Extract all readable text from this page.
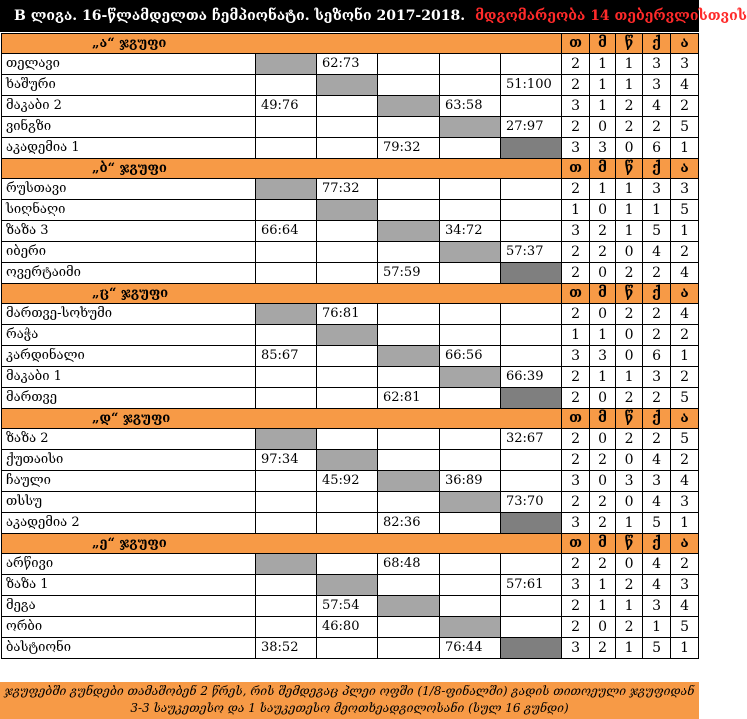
B ლიგა. 16-წლამდელთა ჩემპიონატი. სეზონი 2017-2018. მდგომარეობა 14 თებერვლისთვის
„ა“ ჯგუფი						თ	მ	წ	ქ	ა
თელავი		62:73				2	1	1	3	3
ხაშური					51:100	2	1	1	3	4
მაკაბი 2	49:76			63:58		3	1	2	4	2
ვინგზი					27:97	2	0	2	2	5
აკადემია 1			79:32			3	3	0	6	1
„ბ“ ჯგუფი						თ	მ	წ	ქ	ა
რუსთავი		77:32				2	1	1	3	3
სიღნაღი						1	0	1	1	5
ზაზა 3	66:64			34:72		3	2	1	5	1
იბერი					57:37	2	2	0	4	2
ოვერტაიმი			57:59			2	0	2	2	4
„ც“ ჯგუფი						თ	მ	წ	ქ	ა
მართვე-სოხუმი		76:81				2	0	2	2	4
რაჭა						1	1	0	2	2
კარდინალი	85:67			66:56		3	3	0	6	1
მაკაბი 1					66:39	2	1	1	3	2
მართვე			62:81			2	0	2	2	5
„დ“ ჯგუფი						თ	მ	წ	ქ	ა
ზაზა 2					32:67	2	0	2	2	5
ქუთაისი	97:34					2	2	0	4	2
ჩაული		45:92		36:89		3	0	3	3	4
თსსუ					73:70	2	2	0	4	3
აკადემია 2			82:36			3	2	1	5	1
„ე“ ჯგუფი						თ	მ	წ	ქ	ა
არწივი			68:48			2	2	0	4	2
ზაზა 1					57:61	3	1	2	4	3
მეგა		57:54				2	1	1	3	4
ორბი		46:80				2	0	2	1	5
ბასტიონი	38:52			76:44		3	2	1	5	1
ჯგუფებში გუნდები თამაშობენ 2 წრეს, რის შემდეგაც პლეი ოფში (1/8-ფინალში) გადის თითოეული ჯგუფიდან 3-3 საუკეთესო და 1 საუკეთესო მეოთხეადგილოსანი (სულ 16 გუნდი)
